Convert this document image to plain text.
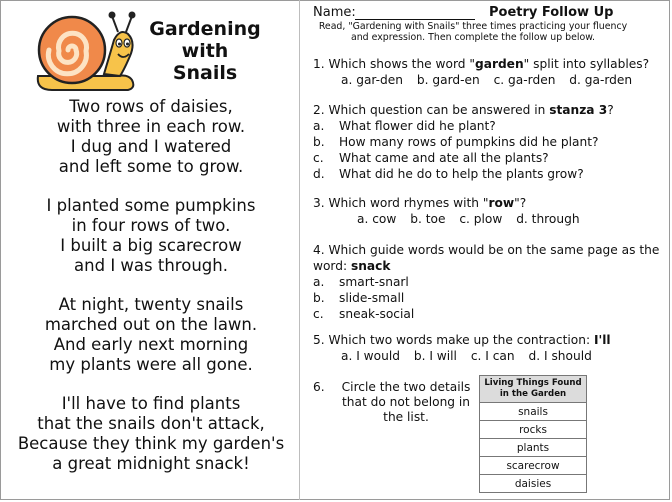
Gardening
with
Snails
Two rows of daisies,
with three in each row.
I dug and I watered
and left some to grow.
I planted some pumpkins
in four rows of two.
I built a big scarecrow
and I was through.
At night, twenty snails
marched out on the lawn.
And early next morning
my plants were all gone.
I'll have to find plants
that the snails don't attack,
Because they think my garden's
a great midnight snack!
Name:	Poetry Follow Up
Read, "Gardening with Snails" three times practicing your fluency and expression. Then complete the follow up below.
1. Which shows the word "garden" split into syllables?
a. gar-den b. gard-en c. ga-rden d. ga-rden
2. Which question can be answered in stanza 3?
a.	What flower did he plant?
b.	How many rows of pumpkins did he plant?
c.	What came and ate all the plants?
d.	What did he do to help the plants grow?
3. Which word rhymes with "row"?
a. cow b. toe c. plow d. through
4. Which guide words would be on the same page as the
word: snack
a.	smart-snarl
b.	slide-small
c.	sneak-social
5. Which two words make up the contraction: I'll
a. I would b. I will c. I can d. I should
6. Circle the two details that do not belong in the list.
Living Things Found in the Garden
snails
rocks
plants
scarecrow
daisies
